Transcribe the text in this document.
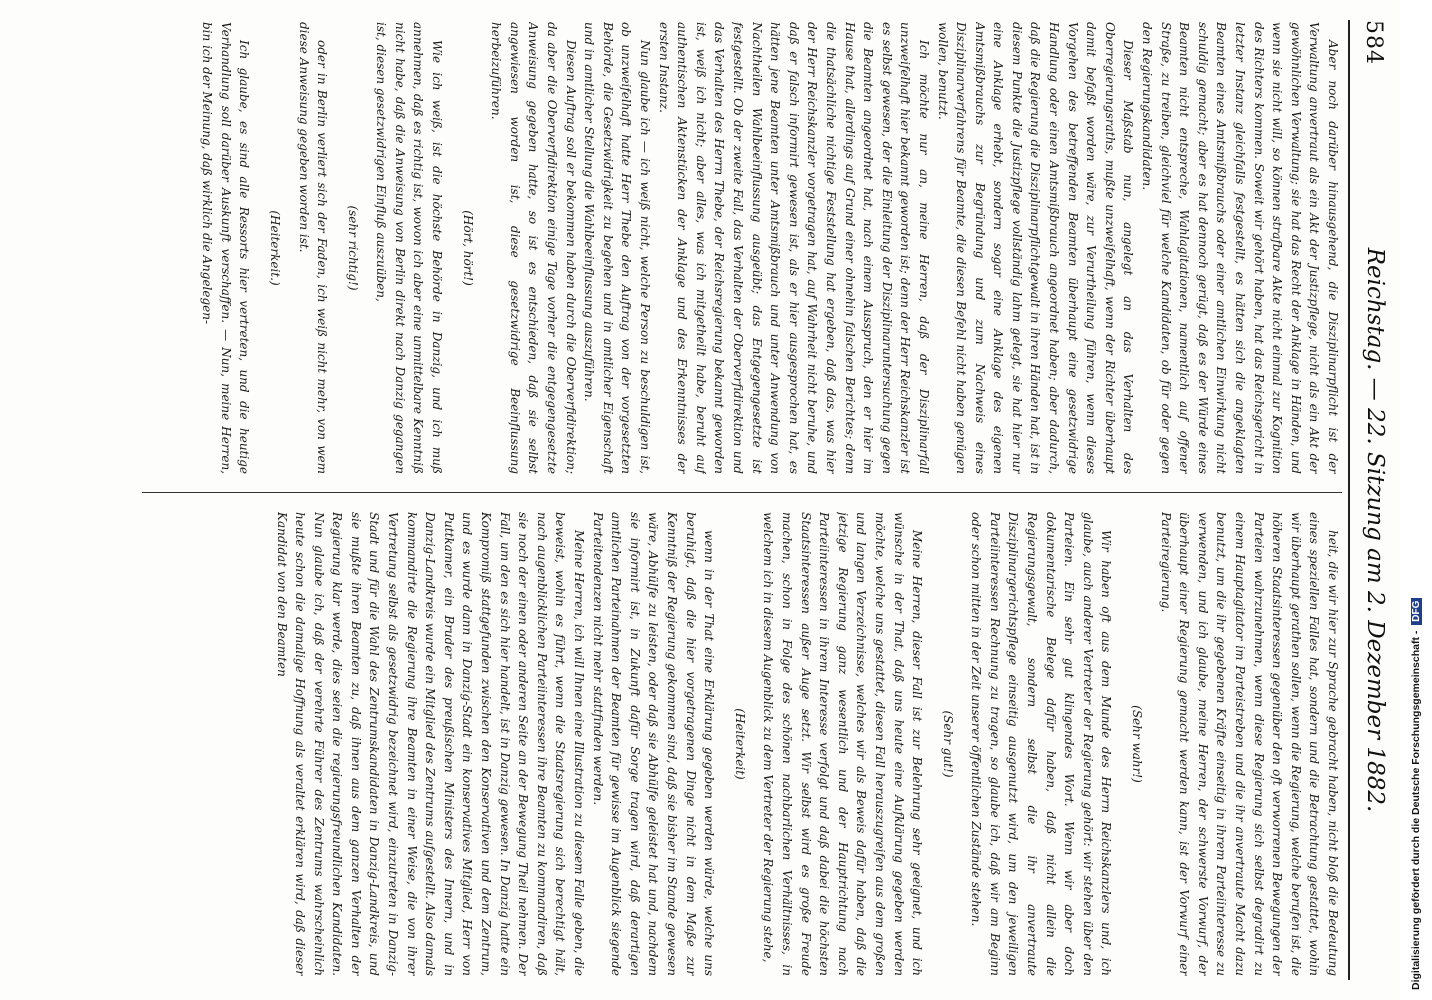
584
Reichstag. — 22. Sitzung am 2. Dezember 1882.

Aber noch darüber hinausgehend, die Disziplinarpflicht ist der Verwaltung anvertraut als ein Akt der Justizpflege, nicht als ein Akt der gewöhnlichen Verwaltung; sie hat das Recht der Anklage in Händen, und wenn sie nicht will, so können strafbare Akte nicht einmal zur Kognition des Richters kommen. Soweit wir gehört haben, hat das Reichsgericht in letzter Instanz gleichfalls festgestellt, es hätten sich die angeklagten Beamten eines Amtsmißbrauchs oder einer amtlichen Einwirkung nicht schuldig gemacht; aber es hat dennoch gerügt, daß es der Würde eines Beamten nicht entspreche, Wahlagitationen, namentlich auf offener Straße, zu treiben, gleichviel für welche Kandidaten, ob für oder gegen den Regierungskandidaten.

Dieser Maßstab nun, angelegt an das Verhalten des Oberregierungsraths, mußte unzweifelhaft, wenn der Richter überhaupt damit befaßt worden wäre, zur Verurtheilung führen, wenn dieses Vorgehen des betreffenden Beamten überhaupt eine gesetzwidrige Handlung oder einen Amtsmißbrauch angeordnet haben; aber dadurch, daß die Regierung die Disziplinarpflichtgewalt in ihren Händen hat, ist in diesem Punkte die Justizpflege vollständig lahm gelegt, sie hat hier nur eine Anklage erhebt, sondern sogar eine Anklage des eigenen Amtsmißbrauchs zur Begründung und zum Nachweis eines Disziplinarverfahrens für Beamte, die diesen Befehl nicht haben genügen wollen, benutzt.

Ich möchte nur an, meine Herren, daß der Disziplinarfall unzweifelhaft hier bekannt geworden ist; denn der Herr Reichskanzler ist es selbst gewesen, der die Einleitung der Disziplinaruntersuchung gegen die Beamten angeordnet hat, nach einem Ausspruch, den er hier im Hause that, allerdings auf Grund einer ohnehin falschen Berichtes; denn die thatsächliche nichtige Feststellung hat ergeben, daß das, was hier der Herr Reichskanzler vorgetragen hat, auf Wahrheit nicht beruhe, und daß er falsch informirt gewesen ist, als er hier ausgesprochen hat, es hätten jene Beamten unter Amtsmißbrauch und unter Anwendung von Nachtheilen Wahlbeeinflussung ausgeübt; das Entgegengesetzte ist festgestellt. Ob der zweite Fall, das Verhalten der Oberverfidirektion und das Verhalten des Herrn Thebe, der Reichsregierung bekannt geworden ist, weiß ich nicht; aber alles, was ich mitgetheilt habe, beruht auf authentischen Aktenstücken der Anklage und des Erkenntnisses der ersten Instanz.

Nun glaube ich — ich weiß nicht, welche Person zu beschuldigen ist, ob unzweifelhaft hatte Herr Thebe den Auftrag von der vorgesetzten Behörde, die Gesetzwidrigkeit zu begehen und in amtlicher Eigenschaft und in amtlicher Stellung die Wahlbeeinflussung auszuführen.

Diesen Auftrag soll er bekommen haben durch die Oberverfidirektion; da aber die Oberverfidirektion einige Tage vorher die entgegengesetzte Anweisung gegeben hatte, so ist es entschieden, daß sie selbst angewiesen worden ist, diese gesetzwidrige Beeinflussung herbeizuführen.

(Hört, hört!)

Wie ich weiß, ist die höchste Behörde in Danzig, und ich muß annehmen, daß es richtig ist, wovon ich aber eine unmittelbare Kenntniß nicht habe, daß die Anweisung von Berlin direkt nach Danzig gegangen ist, diesen gesetzwidrigen Einfluß auszuüben,

(sehr richtig!)

oder in Berlin verliert sich der Faden, ich weiß nicht mehr, von wem diese Anweisung gegeben worden ist.

(Heiterkeit.)

Ich glaube, es sind alle Ressorts hier vertreten, und die heutige Verhandlung soll darüber Auskunft verschaffen. — Nun, meine Herren, bin ich der Meinung, daß wirklich die Angelegen-

heit, die wir hier zur Sprache gebracht haben, nicht bloß die Bedeutung eines speziellen Falles hat, sondern und die Betrachtung gestattet, wohin wir überhaupt gerathen sollen, wenn die Regierung, welche berufen ist, die höheren Staatsinteressen gegenüber den oft verworrenen Bewegungen der Parteien wahrzunehmen, wenn diese Regierung sich selbst degradirt zu einem Hauptagitator im Parteistreben und die ihr anvertraute Macht dazu benutzt, um die ihr gegebenen Kräfte einseitig in ihrem Parteiinteresse zu verwenden, und ich glaube, meine Herren, der schwerste Vorwurf, der überhaupt einer Regierung gemacht werden kann, ist der Vorwurf einer Parteiregierung.

(Sehr wahr!)

Wir haben oft aus dem Munde des Herrn Reichskanzlers und, ich glaube, auch anderer Vertreter der Regierung gehört: wir stehen über den Parteien. Ein sehr gut klingendes Wort. Wenn wir aber doch dokumentarische Belege dafür haben, daß nicht allein die Regierungsgewalt, sondern selbst die ihr anvertraute Disziplinargerichtspflege einseitig ausgenutzt wird, um den jeweiligen Parteiinteressen Rechnung zu tragen, so glaube ich, daß wir am Beginn oder schon mitten in der Zeit unserer öffentlichen Zustände stehen.

(Sehr gut!)

Meine Herren, dieser Fall ist zur Belehrung sehr geeignet, und ich wünsche in der That, daß uns heute eine Aufklärung gegeben werden möchte, welche uns gestattet, diesen Fall herauszugreifen aus dem großen und langen Verzeichnisse, welches wir als Beweis dafür haben, daß die jetzige Regierung ganz wesentlich und der Hauptrichtung nach Parteiinteressen in ihrem Interesse verfolgt und daß dabei die höchsten Staatsinteressen außer Auge setzt. Wir selbst wird es große Freude machen, schon in Folge des schönen nachbarlichen Verhältnisses, in welchem ich in diesem Augenblick zu dem Vertreter der Regierung stehe,

(Heiterkeit)

wenn in der That eine Erklärung gegeben werden würde, welche uns beruhigt, daß die hier vorgetragenen Dinge nicht in dem Maße zur Kenntniß der Regierung gekommen sind, daß sie bisher im Stande gewesen wäre, Abhülfe zu leisten, oder daß sie Abhülfe geleistet hat und, nachdem sie informirt ist, in Zukunft dafür Sorge tragen wird, daß derartigen amtlichen Parteinahmen der Beamten für gewisse im Augenblick siegende Parteitendenzen nicht mehr stattfinden werden.

Meine Herren, ich will Ihnen eine Illustration zu diesem Falle geben, die beweist, wohin es führt, wenn die Staatsregierung sich berechtigt hält, nach augenblicklichen Parteiinteressen ihre Beamten zu kommandiren, daß sie noch der einen oder anderen Seite an der Bewegung Theil nehmen. Der Fall, um den es sich hier handelt, ist in Danzig gewesen. In Danzig hatte ein Kompromiß stattgefunden zwischen den Konservativen und dem Zentrum, und es wurde dann in Danzig-Stadt ein konservatives Mitglied, Herr von Puttkamer, ein Bruder des preußischen Ministers des Innern, und in Danzig-Landkreis wurde ein Mitglied des Zentrums aufgestellt. Also damals kommandirte die Regierung ihre Beamten in einer Weise, die von ihrer Vertretung selbst als gesetzwidrig bezeichnet wird, einzutreten in Danzig-Stadt und für die Wahl des Zentrumskandidaten in Danzig-Landkreis, und sie mußte ihren Beamten zu, daß ihnen aus dem ganzen Verhalten der Regierung klar werde, dies seien die regierungsfreundlichen Kandidaten. Nun glaube ich, daß der verehrte Führer des Zentrums wahrscheinlich heute schon die damalige Hoffnung als veraltet erklären wird, daß dieser Kandidat von den Beamten

Digitalisierung gefördert durch die Deutsche Forschungsgemeinschaft - DFG
